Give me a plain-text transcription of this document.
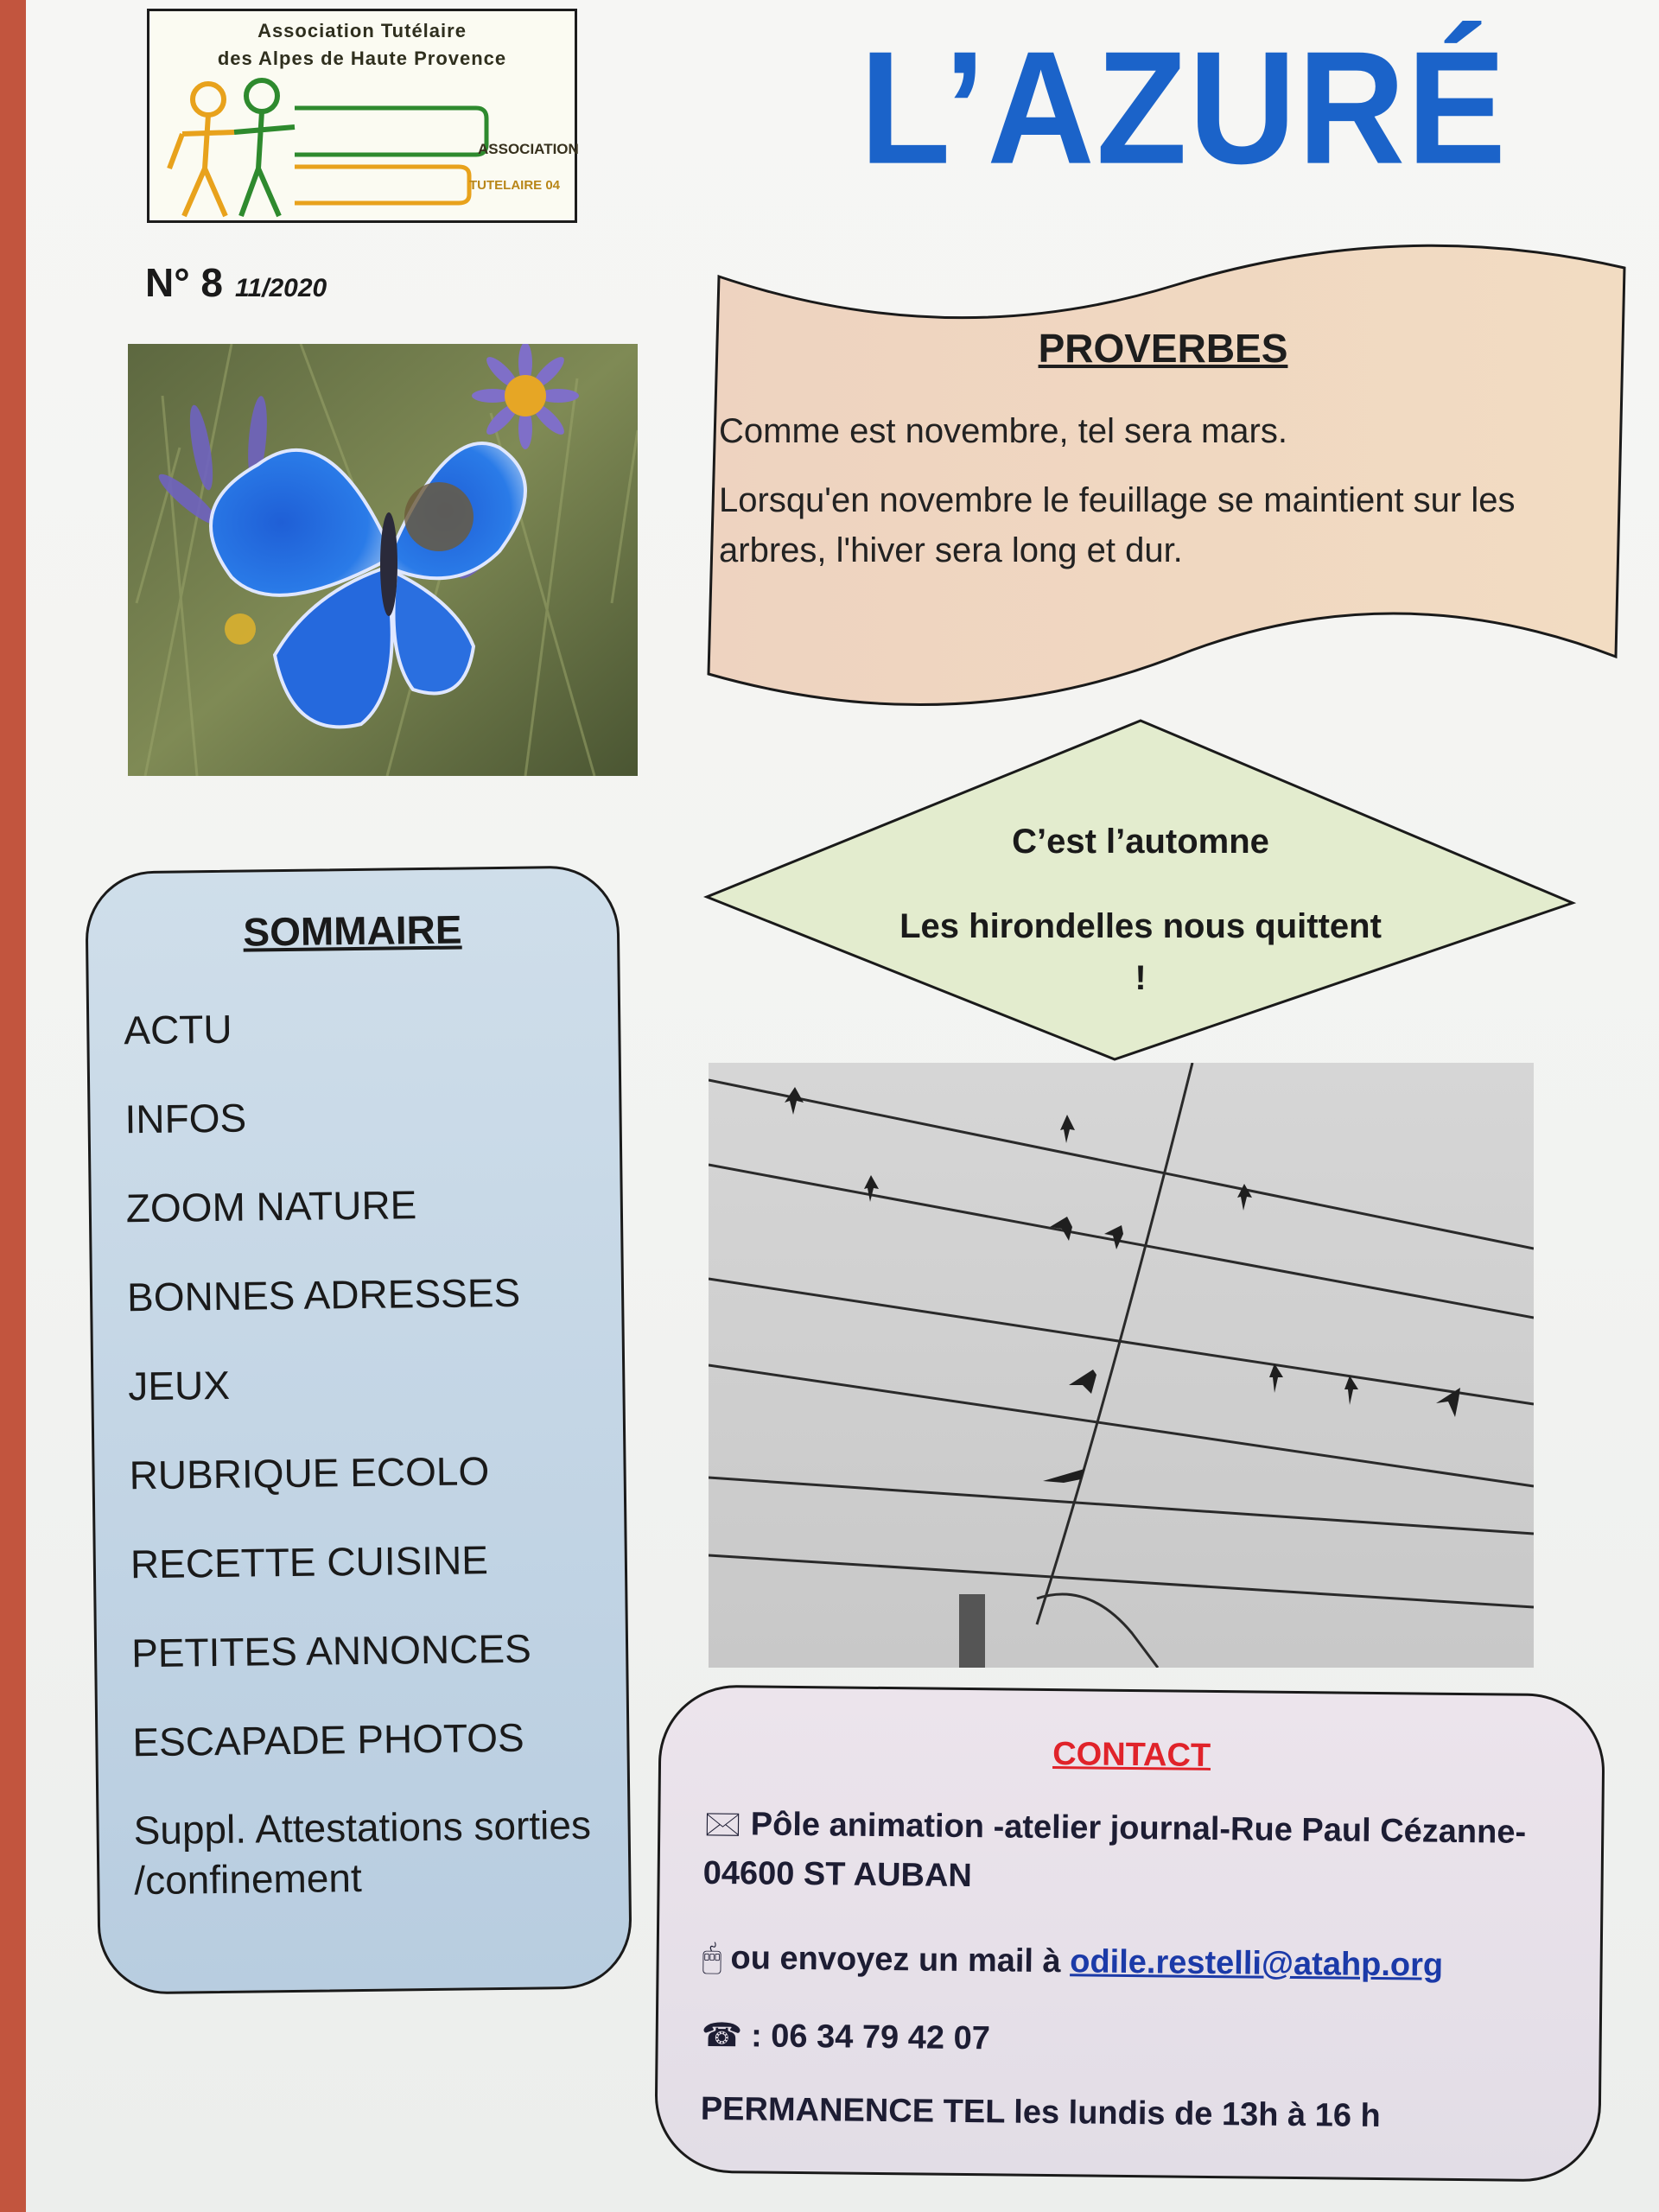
Association Tutélaire
des Alpes de Haute Provence
ASSOCIATION
TUTELAIRE 04	L’AZURÉ
N° 8 11/2020
PROVERBES
Comme est novembre, tel sera mars.
Lorsqu'en novembre le feuillage se maintient sur les arbres, l'hiver sera long et dur.
C’est l’automne
Les hirondelles nous quittent !
SOMMAIRE
ACTU
INFOS
ZOOM NATURE
BONNES ADRESSES
JEUX
RUBRIQUE ECOLO
RECETTE CUISINE
PETITES ANNONCES
ESCAPADE PHOTOS
Suppl. Attestations sorties /confinement
CONTACT
🖂 Pôle animation -atelier journal-Rue Paul Cézanne-04600 ST AUBAN
🖱 ou envoyez un mail à odile.restelli@atahp.org
☎ : 06 34 79 42 07
PERMANENCE TEL les lundis de 13h à 16 h
